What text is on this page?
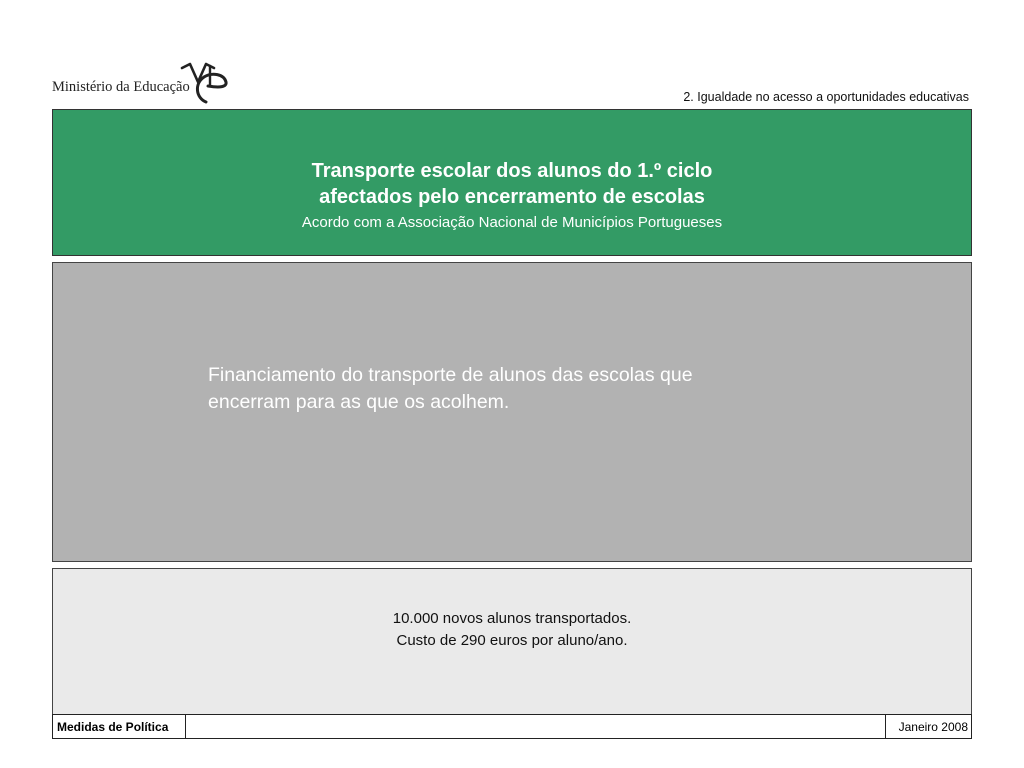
Ministério da Educação
2. Igualdade no acesso a oportunidades educativas
Transporte escolar dos alunos do 1.º ciclo
afectados pelo encerramento de escolas
Acordo com a Associação Nacional de Municípios Portugueses
Financiamento do transporte de alunos das escolas que
encerram para as que os acolhem.
10.000 novos alunos transportados.
Custo de 290 euros por aluno/ano.
Medidas de Política	Janeiro 2008
